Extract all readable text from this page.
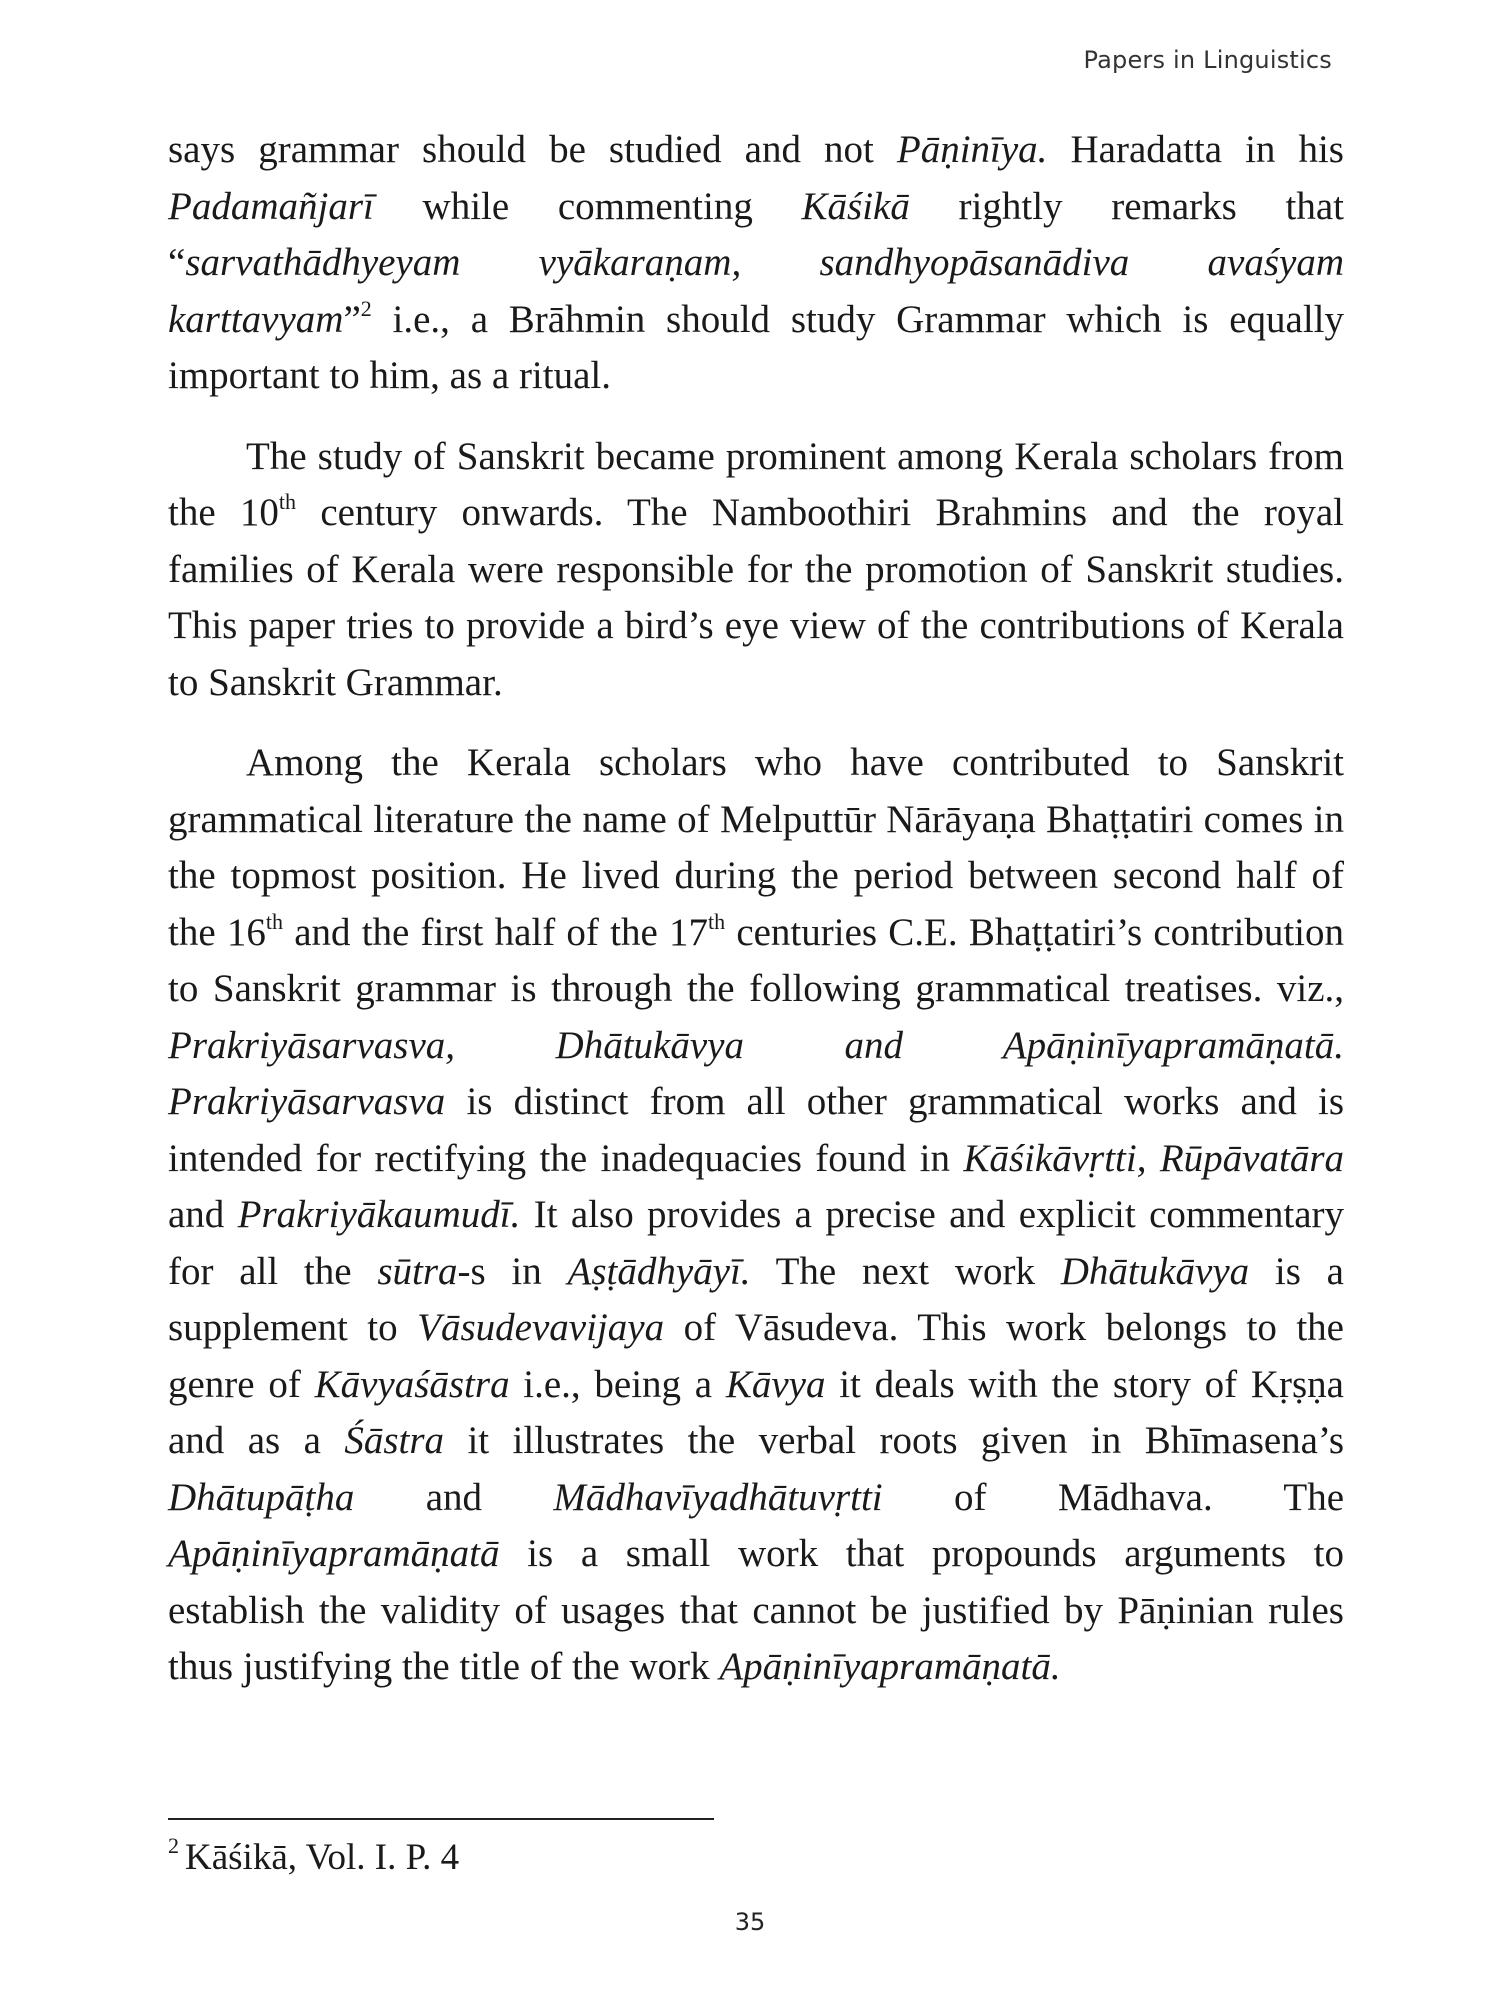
Papers in Linguistics

says grammar should be studied and not Pāṇinīya. Haradatta in his Padamañjarī while commenting Kāśikā rightly remarks that “sarvathādhyeyam vyākaraṇam, sandhyopāsanādiva avaśyam karttavyam”$^2$ i.e., a Brāhmin should study Grammar which is equally important to him, as a ritual.

The study of Sanskrit became prominent among Kerala scholars from the 10th century onwards. The Namboothiri Brahmins and the royal families of Kerala were responsible for the promotion of Sanskrit studies. This paper tries to provide a bird’s eye view of the contributions of Kerala to Sanskrit Grammar.

Among the Kerala scholars who have contributed to Sanskrit grammatical literature the name of Melputtūr Nārāyaṇa Bhaṭṭatiri comes in the topmost position. He lived during the period between second half of the 16th and the first half of the 17th centuries C.E. Bhaṭṭatiri’s contribution to Sanskrit grammar is through the following grammatical treatises. viz., Prakriyāsarvasva, Dhātukāvya and Apāṇinīyapramāṇatā. Prakriyāsarvasva is distinct from all other grammatical works and is intended for rectifying the inadequacies found in Kāśikāvṛtti, Rūpāvatāra and Prakriyākaumudī. It also provides a precise and explicit commentary for all the sūtra-s in Aṣṭādhyāyī. The next work Dhātukāvya is a supplement to Vāsudevavijaya of Vāsudeva. This work belongs to the genre of Kāvyaśāstra i.e., being a Kāvya it deals with the story of Kṛṣṇa and as a Śāstra it illustrates the verbal roots given in Bhīmasena’s Dhātupāṭha and Mādhavīyadhātuvṛtti of Mādhava. The Apāṇinīyapramāṇatā is a small work that propounds arguments to establish the validity of usages that cannot be justified by Pāṇinian rules thus justifying the title of the work Apāṇinīyapramāṇatā.

$^2$ Kāśikā, Vol. I. P. 4
35
